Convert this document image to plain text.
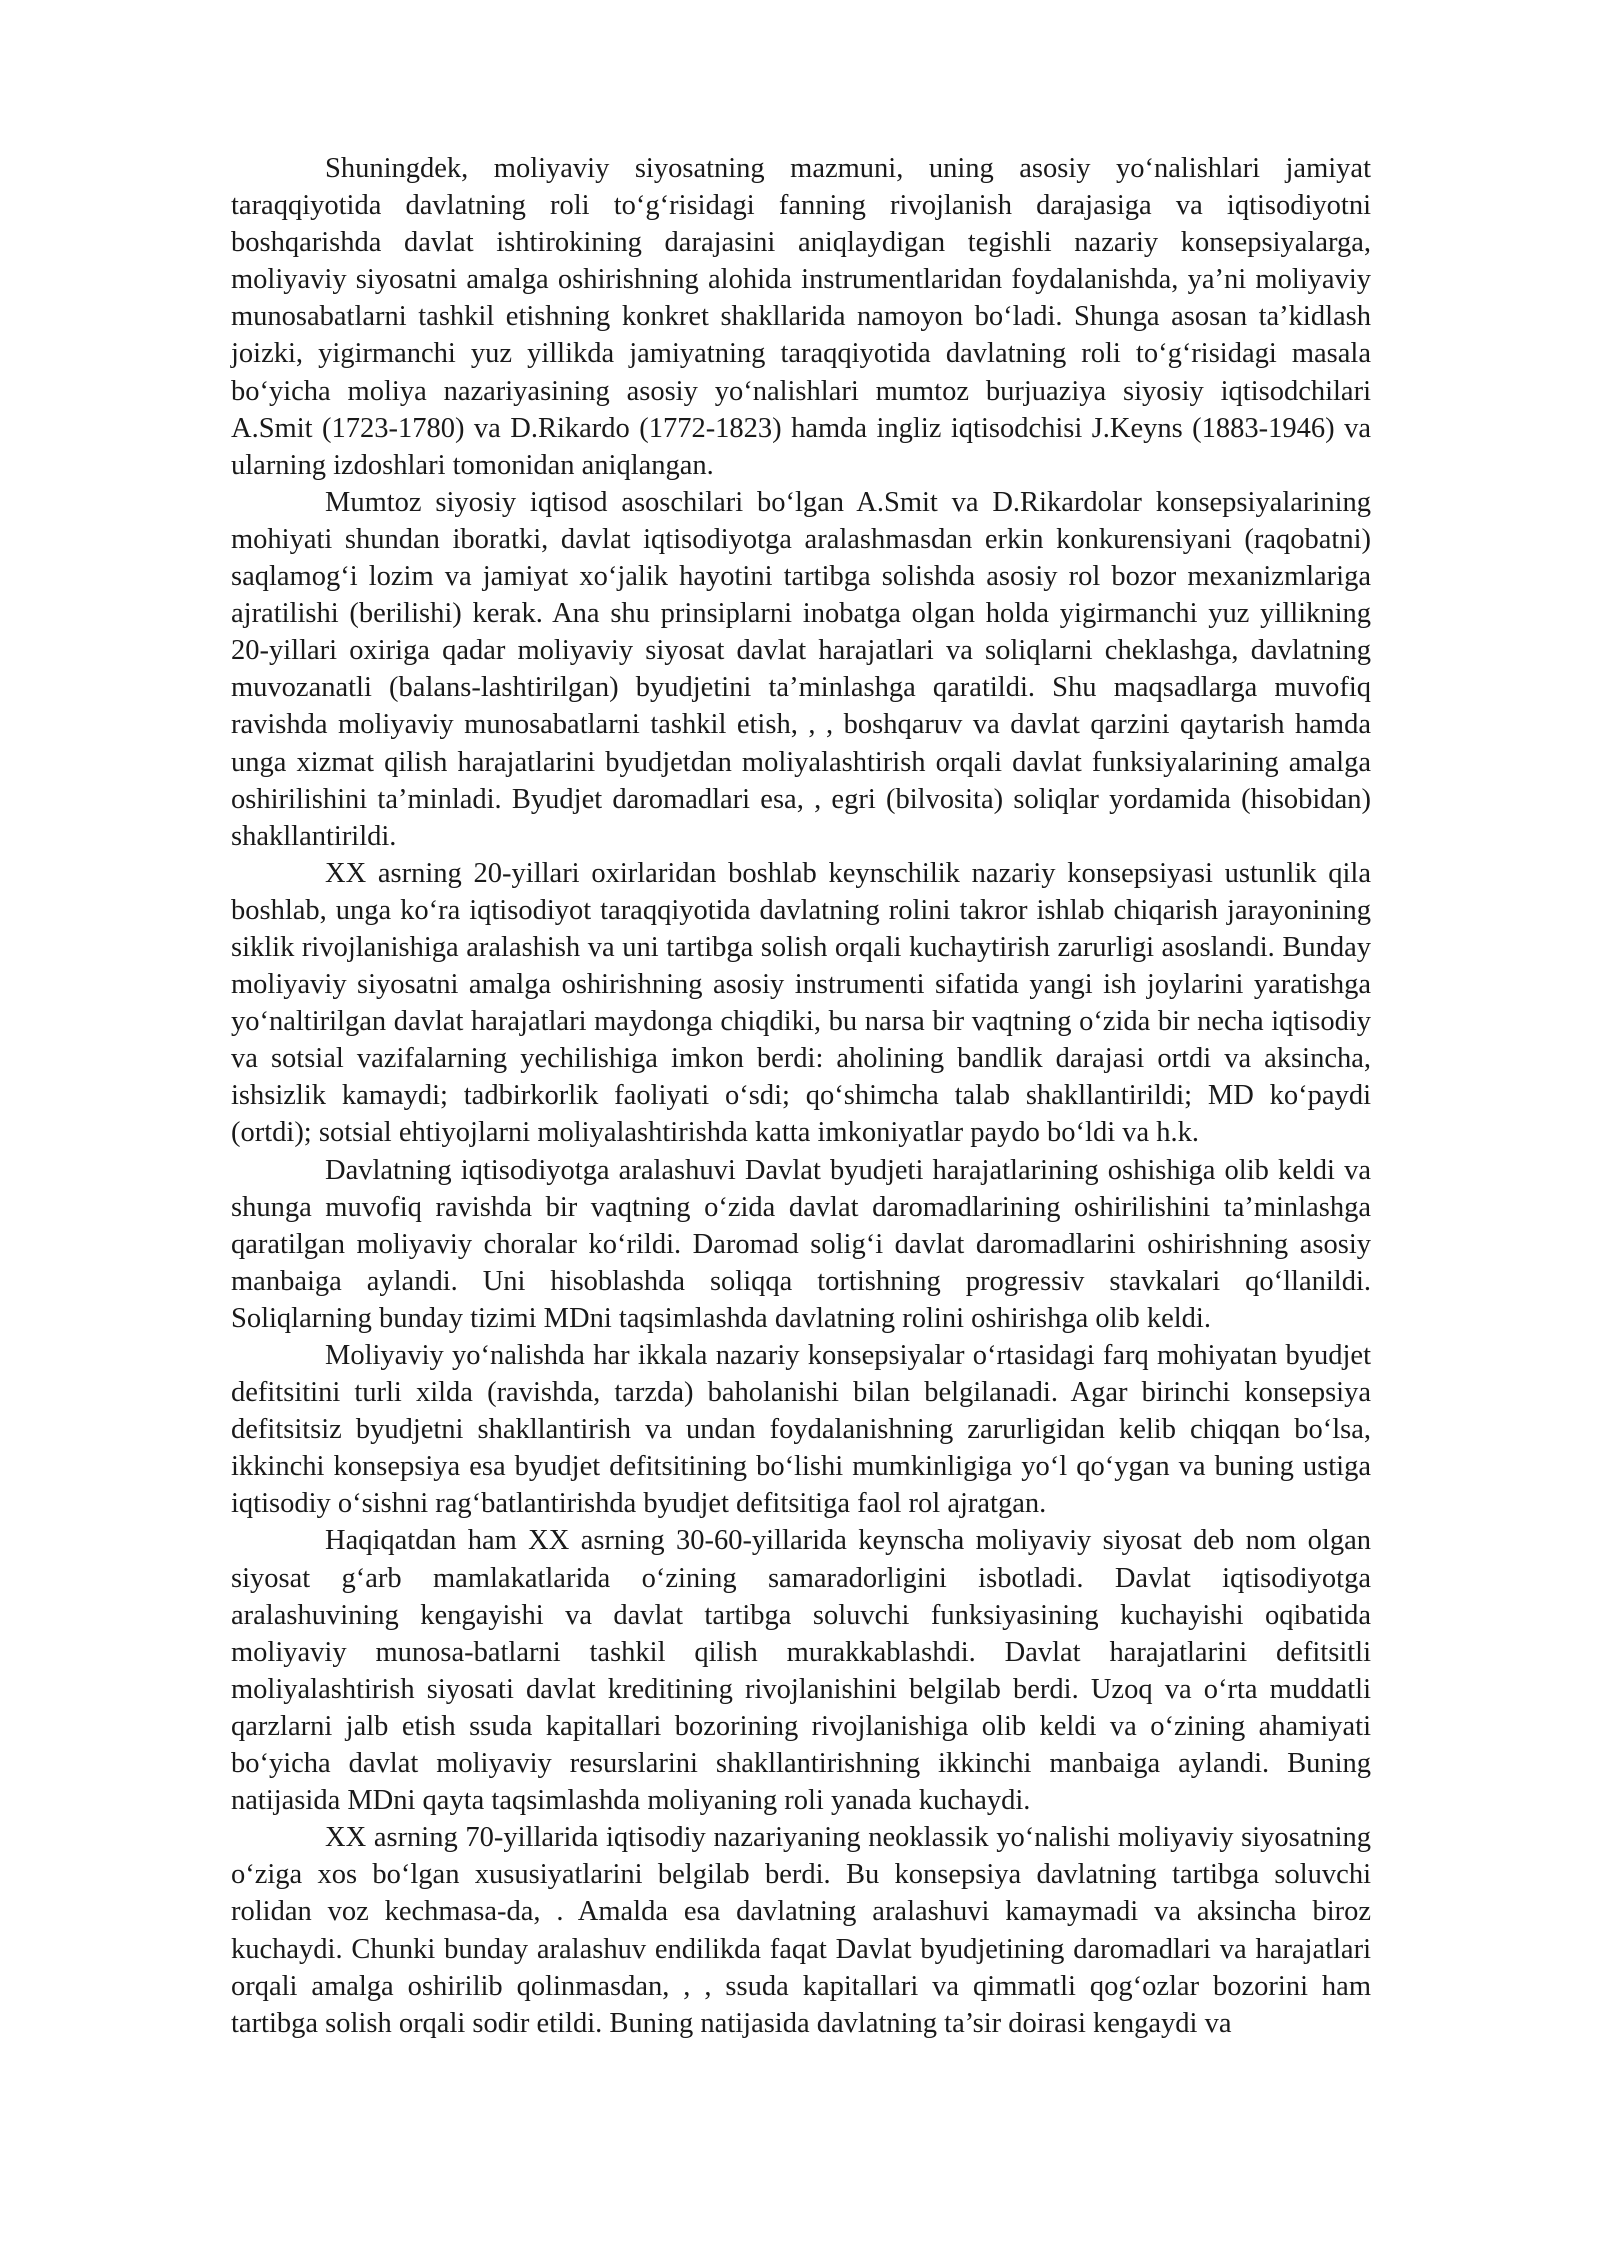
Shuningdek, moliyaviy siyosatning mazmuni, uning asosiy yo‘nalishlari jamiyat taraqqiyotida davlatning roli to‘g‘risidagi fanning rivojlanish darajasiga va iqtisodiyotni boshqarishda davlat ishtirokining darajasini aniqlaydigan tegishli nazariy konsepsiyalarga, moliyaviy siyosatni amalga oshirishning alohida instrumentlaridan foydalanishda, ya’ni moliyaviy munosabatlarni tashkil etishning konkret shakllarida namoyon bo‘ladi. Shunga asosan ta’kidlash joizki, yigirmanchi yuz yillikda jamiyatning taraqqiyotida davlatning roli to‘g‘risidagi masala bo‘yicha moliya nazariyasining asosiy yo‘nalishlari mumtoz burjuaziya siyosiy iqtisodchilari A.Smit (1723-1780) va D.Rikardo (1772-1823) hamda ingliz iqtisodchisi J.Keyns (1883-1946) va ularning izdoshlari tomonidan aniqlangan.

Mumtoz siyosiy iqtisod asoschilari bo‘lgan A.Smit va D.Rikardolar konsepsiyalarining mohiyati shundan iboratki, davlat iqtisodiyotga aralashmasdan erkin konkurensiyani (raqobatni) saqlamog‘i lozim va jamiyat xo‘jalik hayotini tartibga solishda asosiy rol bozor mexanizmlariga ajratilishi (berilishi) kerak. Ana shu prinsiplarni inobatga olgan holda yigirmanchi yuz yillikning 20-yillari oxiriga qadar moliyaviy siyosat davlat harajatlari va soliqlarni cheklashga, davlatning muvozanatli (balans-lashtirilgan) byudjetini ta’minlashga qaratildi. Shu maqsadlarga muvofiq ravishda moliyaviy munosabatlarni tashkil etish, , , boshqaruv va davlat qarzini qaytarish hamda unga xizmat qilish harajatlarini byudjetdan moliyalashtirish orqali davlat funksiyalarining amalga oshirilishini ta’minladi. Byudjet daromadlari esa, , egri (bilvosita) soliqlar yordamida (hisobidan) shakllantirildi.

XX asrning 20-yillari oxirlaridan boshlab keynschilik nazariy konsepsiyasi ustunlik qila boshlab, unga ko‘ra iqtisodiyot taraqqiyotida davlatning rolini takror ishlab chiqarish jarayonining siklik rivojlanishiga aralashish va uni tartibga solish orqali kuchaytirish zarurligi asoslandi. Bunday moliyaviy siyosatni amalga oshirishning asosiy instrumenti sifatida yangi ish joylarini yaratishga yo‘naltirilgan davlat harajatlari maydonga chiqdiki, bu narsa bir vaqtning o‘zida bir necha iqtisodiy va sotsial vazifalarning yechilishiga imkon berdi: aholining bandlik darajasi ortdi va aksincha, ishsizlik kamaydi; tadbirkorlik faoliyati o‘sdi; qo‘shimcha talab shakllantirildi; MD ko‘paydi (ortdi); sotsial ehtiyojlarni moliyalashtirishda katta imkoniyatlar paydo bo‘ldi va h.k.

Davlatning iqtisodiyotga aralashuvi Davlat byudjeti harajatlarining oshishiga olib keldi va shunga muvofiq ravishda bir vaqtning o‘zida davlat daromadlarining oshirilishini ta’minlashga qaratilgan moliyaviy choralar ko‘rildi. Daromad solig‘i davlat daromadlarini oshirishning asosiy manbaiga aylandi. Uni hisoblashda soliqqa tortishning progressiv stavkalari qo‘llanildi. Soliqlarning bunday tizimi MDni taqsimlashda davlatning rolini oshirishga olib keldi.

Moliyaviy yo‘nalishda har ikkala nazariy konsepsiyalar o‘rtasidagi farq mohiyatan byudjet defitsitini turli xilda (ravishda, tarzda) baholanishi bilan belgilanadi. Agar birinchi konsepsiya defitsitsiz byudjetni shakllantirish va undan foydalanishning zarurligidan kelib chiqqan bo‘lsa, ikkinchi konsepsiya esa byudjet defitsitining bo‘lishi mumkinligiga yo‘l qo‘ygan va buning ustiga iqtisodiy o‘sishni rag‘batlantirishda byudjet defitsitiga faol rol ajratgan.

Haqiqatdan ham XX asrning 30-60-yillarida keynscha moliyaviy siyosat deb nom olgan siyosat g‘arb mamlakatlarida o‘zining samaradorligini isbotladi. Davlat iqtisodiyotga aralashuvining kengayishi va davlat tartibga soluvchi funksiyasining kuchayishi oqibatida moliyaviy munosa-batlarni tashkil qilish murakkablashdi. Davlat harajatlarini defitsitli moliyalashtirish siyosati davlat kreditining rivojlanishini belgilab berdi. Uzoq va o‘rta muddatli qarzlarni jalb etish ssuda kapitallari bozorining rivojlanishiga olib keldi va o‘zining ahamiyati bo‘yicha davlat moliyaviy resurslarini shakllantirishning ikkinchi manbaiga aylandi. Buning natijasida MDni qayta taqsimlashda moliyaning roli yanada kuchaydi.

XX asrning 70-yillarida iqtisodiy nazariyaning neoklassik yo‘nalishi moliyaviy siyosatning o‘ziga xos bo‘lgan xususiyatlarini belgilab berdi. Bu konsepsiya davlatning tartibga soluvchi rolidan voz kechmasa-da, . Amalda esa davlatning aralashuvi kamaymadi va aksincha biroz kuchaydi. Chunki bunday aralashuv endilikda faqat Davlat byudjetining daromadlari va harajatlari orqali amalga oshirilib qolinmasdan, , , ssuda kapitallari va qimmatli qog‘ozlar bozorini ham tartibga solish orqali sodir etildi. Buning natijasida davlatning ta’sir doirasi kengaydi va
